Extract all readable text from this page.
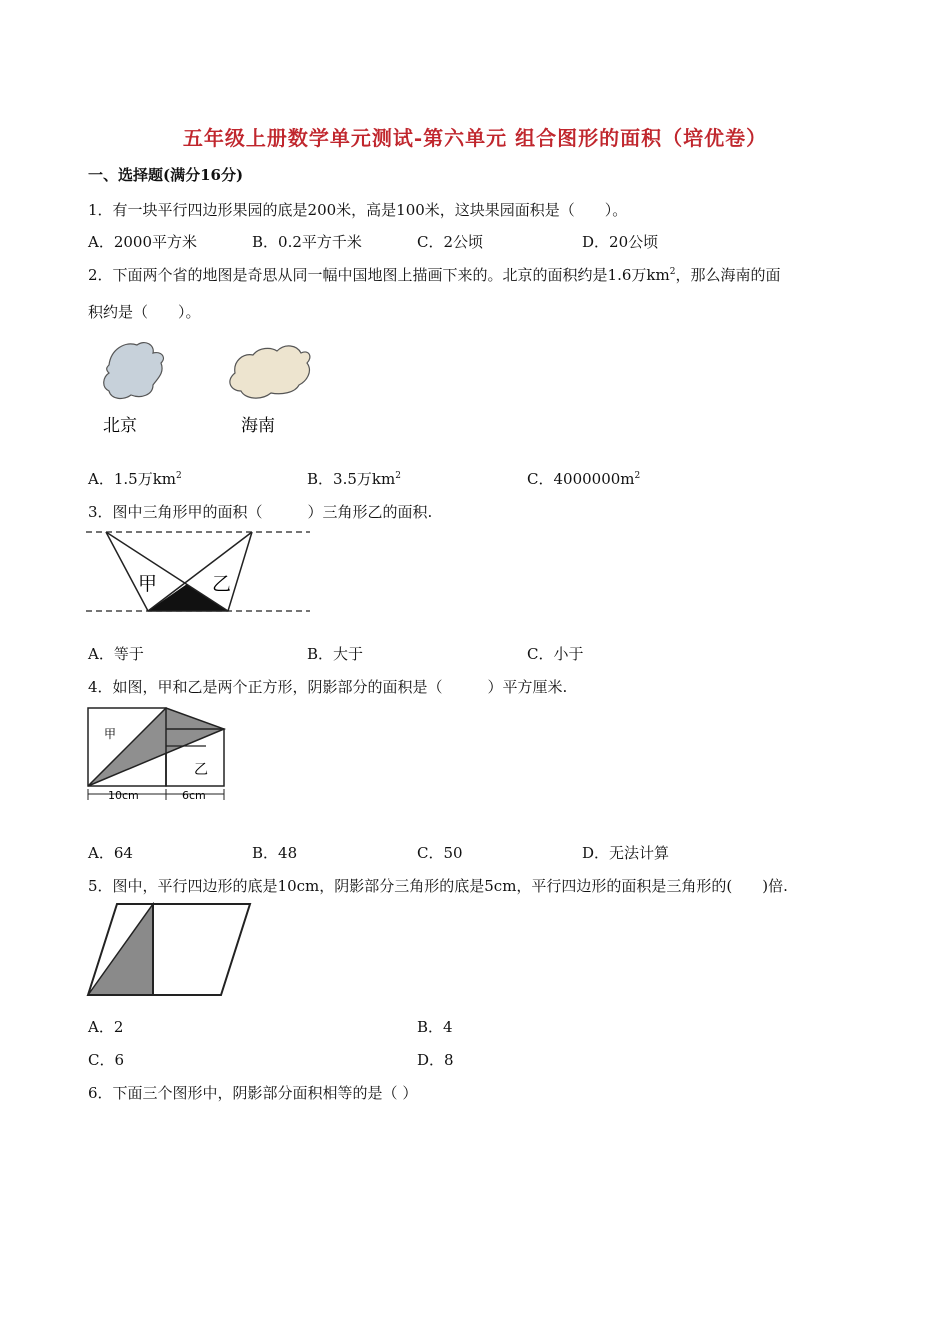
五年级上册数学单元测试-第六单元 组合图形的面积（培优卷）
一、选择题(满分16分)
1．有一块平行四边形果园的底是200米，高是100米，这块果园面积是（　　）。
A．2000平方米	B．0.2平方千米	C．2公顷	D．20公顷
2．下面两个省的地图是奇思从同一幅中国地图上描画下来的。北京的面积约是1.6万$km^2$，那么海南的面
积约是（　　）。
北京	海南
A．1.5万$km^2$	B．3.5万$km^2$	C．$4000000m^2$
3．图中三角形甲的面积（　　　）三角形乙的面积.
甲	乙
A．等于	B．大于	C．小于
4．如图，甲和乙是两个正方形，阴影部分的面积是（　　　）平方厘米.
甲
乙
10cm	6cm
A．64	B．48	C．50	D．无法计算
5．图中，平行四边形的底是10cm，阴影部分三角形的底是5cm，平行四边形的面积是三角形的(　　)倍.
A．2	B．4
C．6	D．8
6．下面三个图形中，阴影部分面积相等的是（ ）
